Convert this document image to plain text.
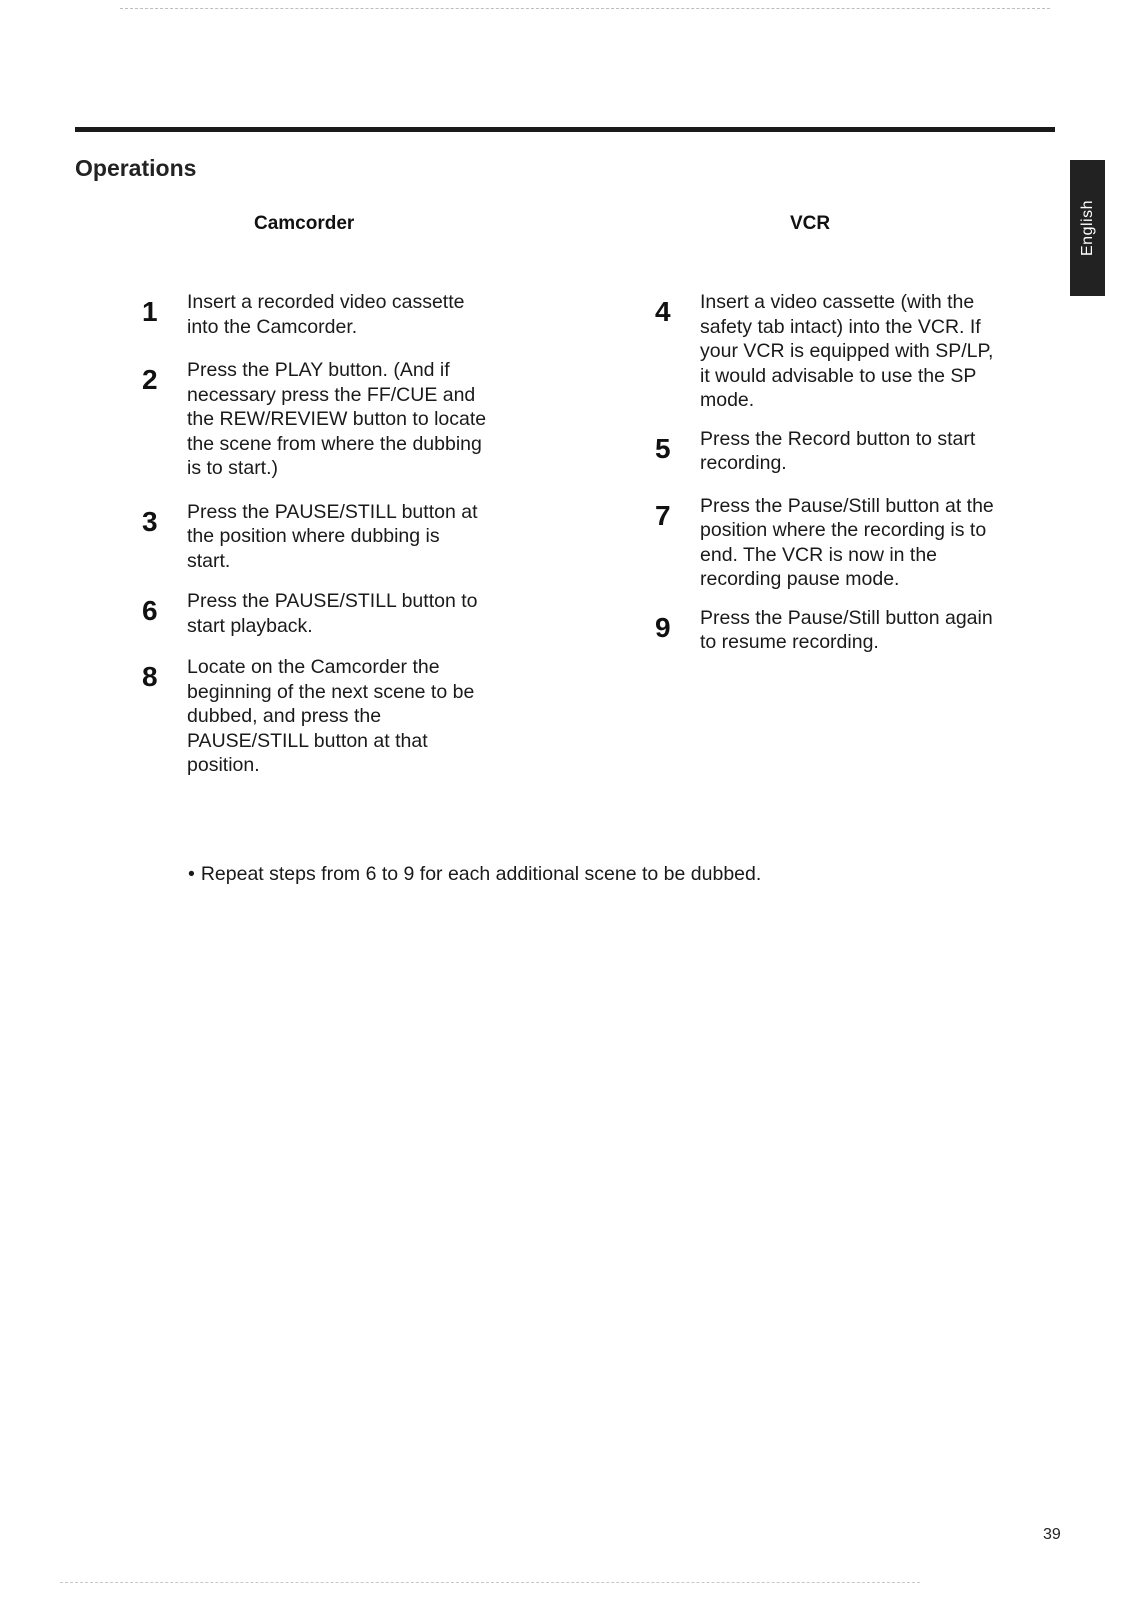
Operations
English
Camcorder	VCR
1	Insert a recorded video cassette into the Camcorder.
2	Press the PLAY button. (And if necessary press the FF/CUE and the REW/REVIEW button to locate the scene from where the dubbing is to start.)
3	Press the PAUSE/STILL button at the position where dubbing is start.
6	Press the PAUSE/STILL button to start playback.
8	Locate on the Camcorder the beginning of the next scene to be dubbed, and press the PAUSE/STILL button at that position.
4	Insert a video cassette (with the safety tab intact) into the VCR. If your VCR is equipped with SP/LP, it would advisable to use the SP mode.
5	Press the Record button to start recording.
7	Press the Pause/Still button at the position where the recording is to end. The VCR is now in the recording pause mode.
9	Press the Pause/Still button again to resume recording.
• Repeat steps from 6 to 9 for each additional scene to be dubbed.
39
